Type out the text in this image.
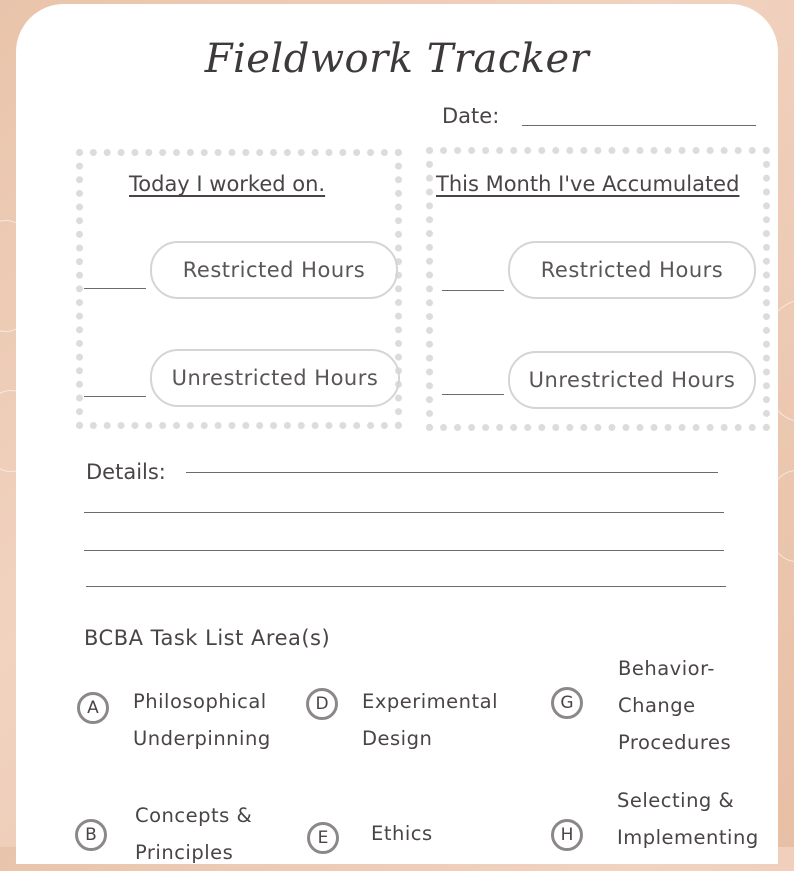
Fieldwork Tracker
Date:
Today I worked on.
Restricted Hours
Unrestricted Hours
This Month I've Accumulated
Restricted Hours
Unrestricted Hours
Details:
BCBA Task List Area(s)
A Philosophical
Underpinning
D Experimental
Design
G
Behavior-
Change
Procedures
B
Concepts &
Principles
E Ethics	H
Selecting &
Implementing
